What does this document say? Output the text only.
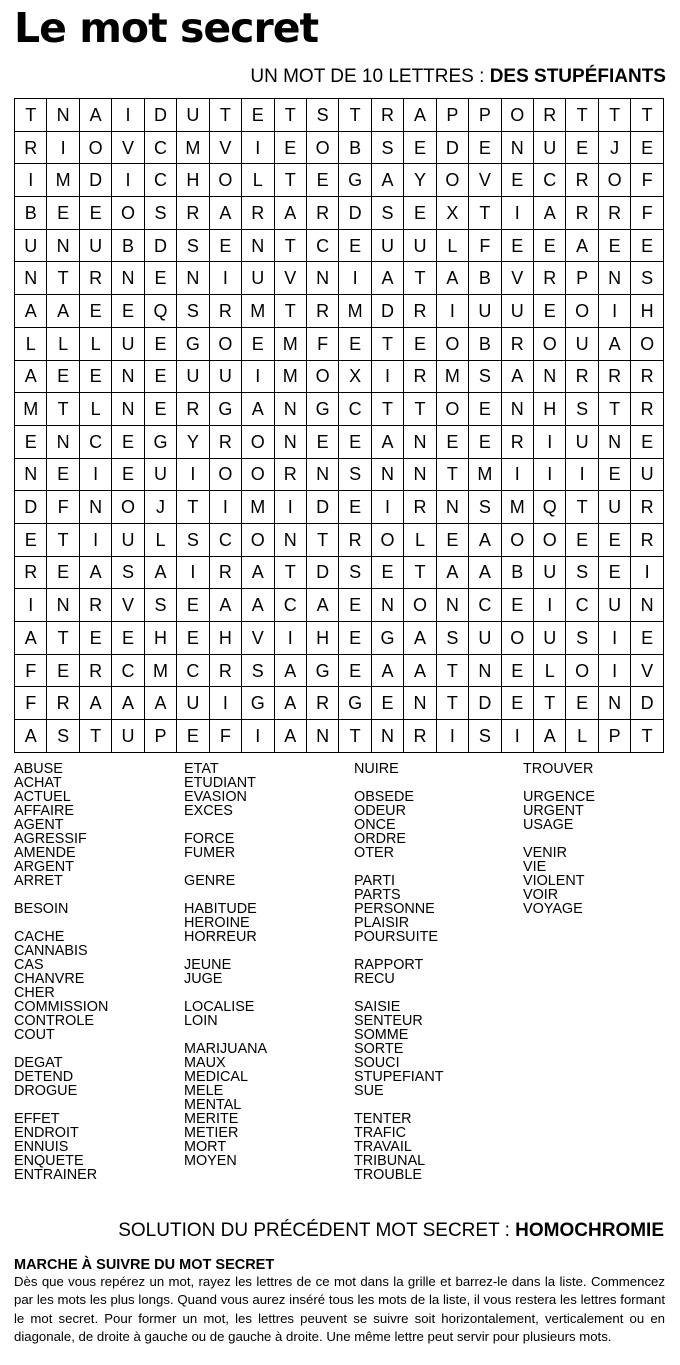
Le mot secret
UN MOT DE 10 LETTRES : DES STUPÉFIANTS
T	N	A	I	D	U	T	E	T	S	T	R	A	P	P	O	R	T	T	T
R	I	O	V	C	M	V	I	E	O	B	S	E	D	E	N	U	E	J	E
I	M	D	I	C	H	O	L	T	E	G	A	Y	O	V	E	C	R	O	F
B	E	E	O	S	R	A	R	A	R	D	S	E	X	T	I	A	R	R	F
U	N	U	B	D	S	E	N	T	C	E	U	U	L	F	E	E	A	E	E
N	T	R	N	E	N	I	U	V	N	I	A	T	A	B	V	R	P	N	S
A	A	E	E	Q	S	R	M	T	R	M	D	R	I	U	U	E	O	I	H
L	L	L	U	E	G	O	E	M	F	E	T	E	O	B	R	O	U	A	O
A	E	E	N	E	U	U	I	M	O	X	I	R	M	S	A	N	R	R	R
M	T	L	N	E	R	G	A	N	G	C	T	T	O	E	N	H	S	T	R
E	N	C	E	G	Y	R	O	N	E	E	A	N	E	E	R	I	U	N	E
N	E	I	E	U	I	O	O	R	N	S	N	N	T	M	I	I	I	E	U
D	F	N	O	J	T	I	M	I	D	E	I	R	N	S	M	Q	T	U	R
E	T	I	U	L	S	C	O	N	T	R	O	L	E	A	O	O	E	E	R
R	E	A	S	A	I	R	A	T	D	S	E	T	A	A	B	U	S	E	I
I	N	R	V	S	E	A	A	C	A	E	N	O	N	C	E	I	C	U	N
A	T	E	E	H	E	H	V	I	H	E	G	A	S	U	O	U	S	I	E
F	E	R	C	M	C	R	S	A	G	E	A	A	T	N	E	L	O	I	V
F	R	A	A	A	U	I	G	A	R	G	E	N	T	D	E	T	E	N	D
A	S	T	U	P	E	F	I	A	N	T	N	R	I	S	I	A	L	P	T
ABUSE
ACHAT
ACTUEL
AFFAIRE
AGENT
AGRESSIF
AMENDE
ARGENT
ARRET
BESOIN
CACHE
CANNABIS
CAS
CHANVRE
CHER
COMMISSION
CONTROLE
COUT
DEGAT
DETEND
DROGUE
EFFET
ENDROIT
ENNUIS
ENQUETE
ENTRAINER
ETAT
ETUDIANT
EVASION
EXCES
FORCE
FUMER
GENRE
HABITUDE
HEROINE
HORREUR
JEUNE
JUGE
LOCALISE
LOIN
MARIJUANA
MAUX
MEDICAL
MELE
MENTAL
MERITE
METIER
MORT
MOYEN
NUIRE
OBSEDE
ODEUR
ONCE
ORDRE
OTER
PARTI
PARTS
PERSONNE
PLAISIR
POURSUITE
RAPPORT
RECU
SAISIE
SENTEUR
SOMME
SORTE
SOUCI
STUPEFIANT
SUE
TENTER
TRAFIC
TRAVAIL
TRIBUNAL
TROUBLE
TROUVER
URGENCE
URGENT
USAGE
VENIR
VIE
VIOLENT
VOIR
VOYAGE
SOLUTION DU PRÉCÉDENT MOT SECRET : HOMOCHROMIE
MARCHE À SUIVRE DU MOT SECRET
Dès que vous repérez un mot, rayez les lettres de ce mot dans la grille et barrez-le dans la liste. Commencez par les mots les plus longs. Quand vous aurez inséré tous les mots de la liste, il vous restera les lettres formant le mot secret. Pour former un mot, les lettres peuvent se suivre soit horizontalement, verticalement ou en diagonale, de droite à gauche ou de gauche à droite. Une même lettre peut servir pour plusieurs mots.
